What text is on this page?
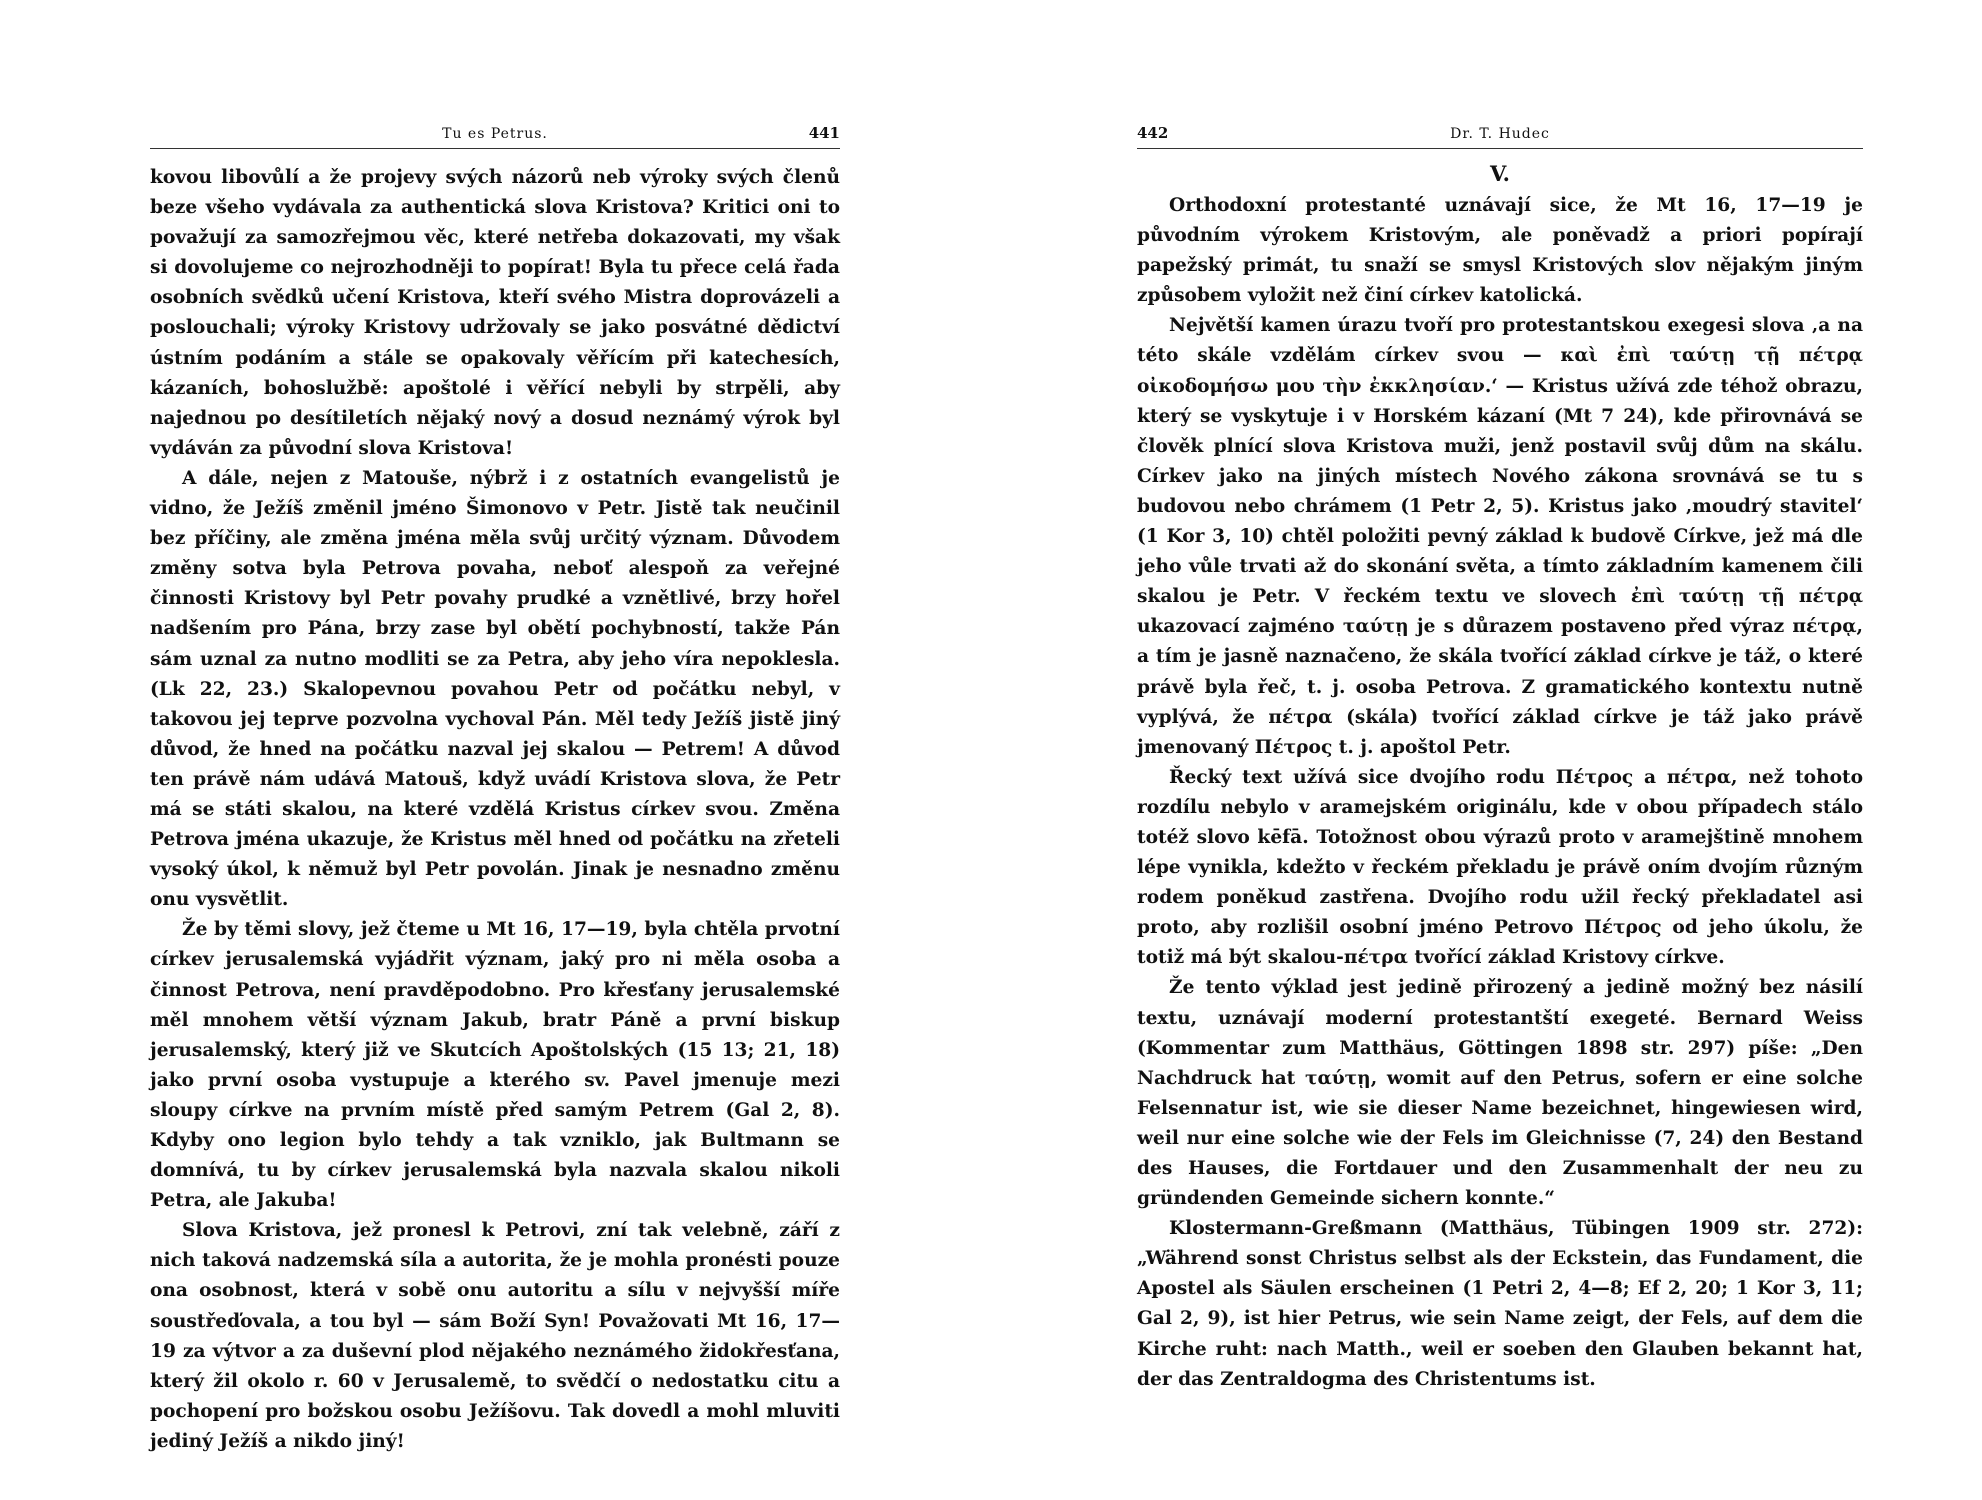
Tu es Petrus.	441

kovou libovůlí a že projevy svých názorů neb výroky svých členů beze všeho vydávala za authentická slova Kristova? Kritici oni to považují za samozřejmou věc, které netřeba dokazovati, my však si dovolujeme co nejrozhodněji to popírat! Byla tu přece celá řada osobních svědků učení Kristova, kteří svého Mistra doprovázeli a poslouchali; výroky Kristovy udržovaly se jako posvátné dědictví ústním podáním a stále se opakovaly věřícím při katechesích, kázaních, bohoslužbě: apoštolé i věřící nebyli by strpěli, aby najednou po desítiletích nějaký nový a dosud neznámý výrok byl vydáván za původní slova Kristova!

A dále, nejen z Matouše, nýbrž i z ostatních evangelistů je vidno, že Ježíš změnil jméno Šimonovo v Petr. Jistě tak neučinil bez příčiny, ale změna jména měla svůj určitý význam. Důvodem změny sotva byla Petrova povaha, neboť alespoň za veřejné činnosti Kristovy byl Petr povahy prudké a vznětlivé, brzy hořel nadšením pro Pána, brzy zase byl obětí pochybností, takže Pán sám uznal za nutno modliti se za Petra, aby jeho víra nepoklesla. (Lk 22, 23.) Skalopevnou povahou Petr od počátku nebyl, v takovou jej teprve pozvolna vychoval Pán. Měl tedy Ježíš jistě jiný důvod, že hned na počátku nazval jej skalou — Petrem! A důvod ten právě nám udává Matouš, když uvádí Kristova slova, že Petr má se státi skalou, na které vzdělá Kristus církev svou. Změna Petrova jména ukazuje, že Kristus měl hned od počátku na zřeteli vysoký úkol, k němuž byl Petr povolán. Jinak je nesnadno změnu onu vysvětlit.

Že by těmi slovy, jež čteme u Mt 16, 17—19, byla chtěla prvotní církev jerusalemská vyjádřit význam, jaký pro ni měla osoba a činnost Petrova, není pravděpodobno. Pro křesťany jerusalemské měl mnohem větší význam Jakub, bratr Páně a první biskup jerusalemský, který již ve Skutcích Apoštolských (15 13; 21, 18) jako první osoba vystupuje a kterého sv. Pavel jmenuje mezi sloupy církve na prvním místě před samým Petrem (Gal 2, 8). Kdyby ono legion bylo tehdy a tak vzniklo, jak Bultmann se domnívá, tu by církev jerusalemská byla nazvala skalou nikoli Petra, ale Jakuba!

Slova Kristova, jež pronesl k Petrovi, zní tak velebně, září z nich taková nadzemská síla a autorita, že je mohla pronésti pouze ona osobnost, která v sobě onu autoritu a sílu v nejvyšší míře soustřeďovala, a tou byl — sám Boží Syn! Považovati Mt 16, 17—19 za výtvor a za duševní plod nějakého neznámého židokřesťana, který žil okolo r. 60 v Jerusalemě, to svědčí o nedostatku citu a pochopení pro božskou osobu Ježíšovu. Tak dovedl a mohl mluviti jediný Ježíš a nikdo jiný!

442	Dr. T. Hudec
V.

Orthodoxní protestanté uznávají sice, že Mt 16, 17—19 je původním výrokem Kristovým, ale poněvadž a priori popírají papežský primát, tu snaží se smysl Kristových slov nějakým jiným způsobem vyložit než činí církev katolická.

Největší kamen úrazu tvoří pro protestantskou exegesi slova ‚a na této skále vzdělám církev svou — καὶ ἐπὶ ταύτῃ τῇ πέτρᾳ οἰκοδομήσω μου τὴν ἐκκλησίαν.‘ — Kristus užívá zde téhož obrazu, který se vyskytuje i v Horském kázaní (Mt 7 24), kde přirovnává se člověk plnící slova Kristova muži, jenž postavil svůj dům na skálu. Církev jako na jiných místech Nového zákona srovnává se tu s budovou nebo chrámem (1 Petr 2, 5). Kristus jako ‚moudrý stavitel‘ (1 Kor 3, 10) chtěl položiti pevný základ k budově Církve, jež má dle jeho vůle trvati až do skonání světa, a tímto základním kamenem čili skalou je Petr. V řeckém textu ve slovech ἐπὶ ταύτῃ τῇ πέτρᾳ ukazovací zajméno ταύτῃ je s důrazem postaveno před výraz πέτρᾳ, a tím je jasně naznačeno, že skála tvořící základ církve je táž, o které právě byla řeč, t. j. osoba Petrova. Z gramatického kontextu nutně vyplývá, že πέτρα (skála) tvořící základ církve je táž jako právě jmenovaný Πέτρος t. j. apoštol Petr.

Řecký text užívá sice dvojího rodu Πέτρος a πέτρα, než tohoto rozdílu nebylo v aramejském originálu, kde v obou případech stálo totéž slovo kēfā. Totožnost obou výrazů proto v aramejštině mnohem lépe vynikla, kdežto v řeckém překladu je právě oním dvojím různým rodem poněkud zastřena. Dvojího rodu užil řecký překladatel asi proto, aby rozlišil osobní jméno Petrovo Πέτρος od jeho úkolu, že totiž má být skalou-πέτρα tvořící základ Kristovy církve.

Že tento výklad jest jedině přirozený a jedině možný bez násilí textu, uznávají moderní protestantští exegeté. Bernard Weiss (Kommentar zum Matthäus, Göttingen 1898 str. 297) píše: „Den Nachdruck hat ταύτῃ, womit auf den Petrus, sofern er eine solche Felsennatur ist, wie sie dieser Name bezeichnet, hingewiesen wird, weil nur eine solche wie der Fels im Gleichnisse (7, 24) den Bestand des Hauses, die Fortdauer und den Zusammenhalt der neu zu gründenden Gemeinde sichern konnte.“

Klostermann-Greßmann (Matthäus, Tübingen 1909 str. 272): „Während sonst Christus selbst als der Eckstein, das Fundament, die Apostel als Säulen erscheinen (1 Petri 2, 4—8; Ef 2, 20; 1 Kor 3, 11; Gal 2, 9), ist hier Petrus, wie sein Name zeigt, der Fels, auf dem die Kirche ruht: nach Matth., weil er soeben den Glauben bekannt hat, der das Zentraldogma des Christentums ist.
